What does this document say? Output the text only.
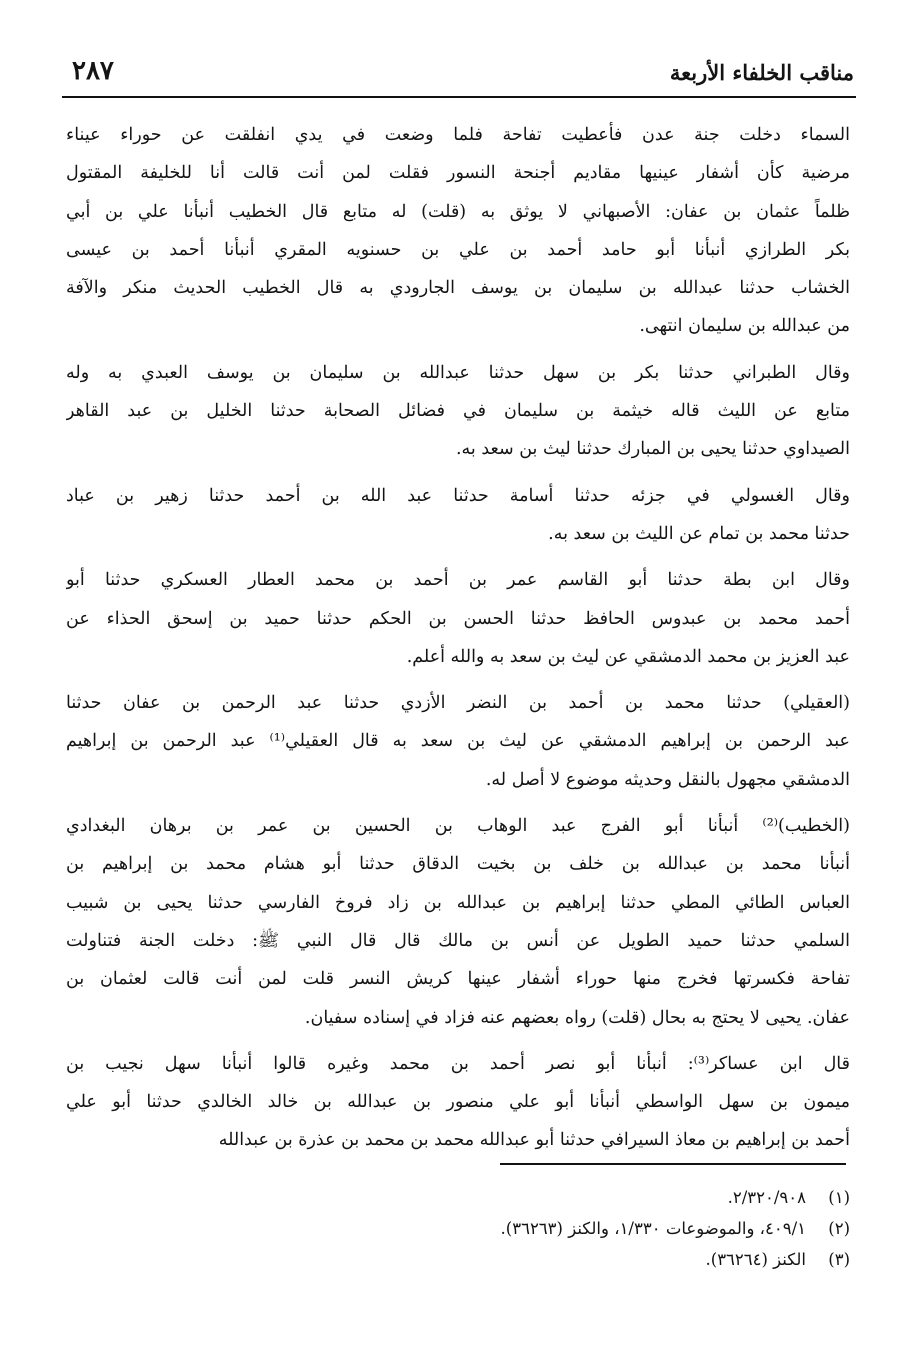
مناقب الخلفاء الأربعة
٢٨٧
السماء دخلت جنة عدن فأعطيت تفاحة فلما وضعت في يدي انفلقت عن حوراء عيناء
مرضية كأن أشفار عينيها مقاديم أجنحة النسور فقلت لمن أنت قالت أنا للخليفة المقتول
ظلماً عثمان بن عفان: الأصبهاني لا يوثق به (قلت) له متابع قال الخطيب أنبأنا علي بن أبي
بكر الطرازي أنبأنا أبو حامد أحمد بن علي بن حسنويه المقري أنبأنا أحمد بن عيسى
الخشاب حدثنا عبدالله بن سليمان بن يوسف الجارودي به قال الخطيب الحديث منكر والآفة
من عبدالله بن سليمان انتهى.
وقال الطبراني حدثنا بكر بن سهل حدثنا عبدالله بن سليمان بن يوسف العبدي به وله
متابع عن الليث قاله خيثمة بن سليمان في فضائل الصحابة حدثنا الخليل بن عبد القاهر
الصيداوي حدثنا يحيى بن المبارك حدثنا ليث بن سعد به.
وقال الغسولي في جزئه حدثنا أسامة حدثنا عبد الله بن أحمد حدثنا زهير بن عباد
حدثنا محمد بن تمام عن الليث بن سعد به.
وقال ابن بطة حدثنا أبو القاسم عمر بن أحمد بن محمد العطار العسكري حدثنا أبو
أحمد محمد بن عبدوس الحافظ حدثنا الحسن بن الحكم حدثنا حميد بن إسحق الحذاء عن
عبد العزيز بن محمد الدمشقي عن ليث بن سعد به والله أعلم.
(العقيلي) حدثنا محمد بن أحمد بن النضر الأزدي حدثنا عبد الرحمن بن عفان حدثنا
عبد الرحمن بن إبراهيم الدمشقي عن ليث بن سعد به قال العقيلي⁽¹⁾ عبد الرحمن بن إبراهيم
الدمشقي مجهول بالنقل وحديثه موضوع لا أصل له.
(الخطيب)⁽²⁾ أنبأنا أبو الفرج عبد الوهاب بن الحسين بن عمر بن برهان البغدادي
أنبأنا محمد بن عبدالله بن خلف بن بخيت الدقاق حدثنا أبو هشام محمد بن إبراهيم بن
العباس الطائي المطي حدثنا إبراهيم بن عبدالله بن زاد فروخ الفارسي حدثنا يحيى بن شبيب
السلمي حدثنا حميد الطويل عن أنس بن مالك قال قال النبي ﷺ: دخلت الجنة فتناولت
تفاحة فكسرتها فخرج منها حوراء أشفار عينها كريش النسر قلت لمن أنت قالت لعثمان بن
عفان. يحيى لا يحتج به بحال (قلت) رواه بعضهم عنه فزاد في إسناده سفيان.
قال ابن عساكر⁽³⁾: أنبأنا أبو نصر أحمد بن محمد وغيره قالوا أنبأنا سهل نجيب بن
ميمون بن سهل الواسطي أنبأنا أبو علي منصور بن عبدالله بن خالد الخالدي حدثنا أبو علي
أحمد بن إبراهيم بن معاذ السيرافي حدثنا أبو عبدالله محمد بن محمد بن عذرة بن عبدالله
(١)٢/٣٢٠/٩٠٨.
(٢)٤٠٩/١، والموضوعات ١/٣٣٠، والكنز (٣٦٢٦٣).
(٣)الكنز (٣٦٢٦٤).
